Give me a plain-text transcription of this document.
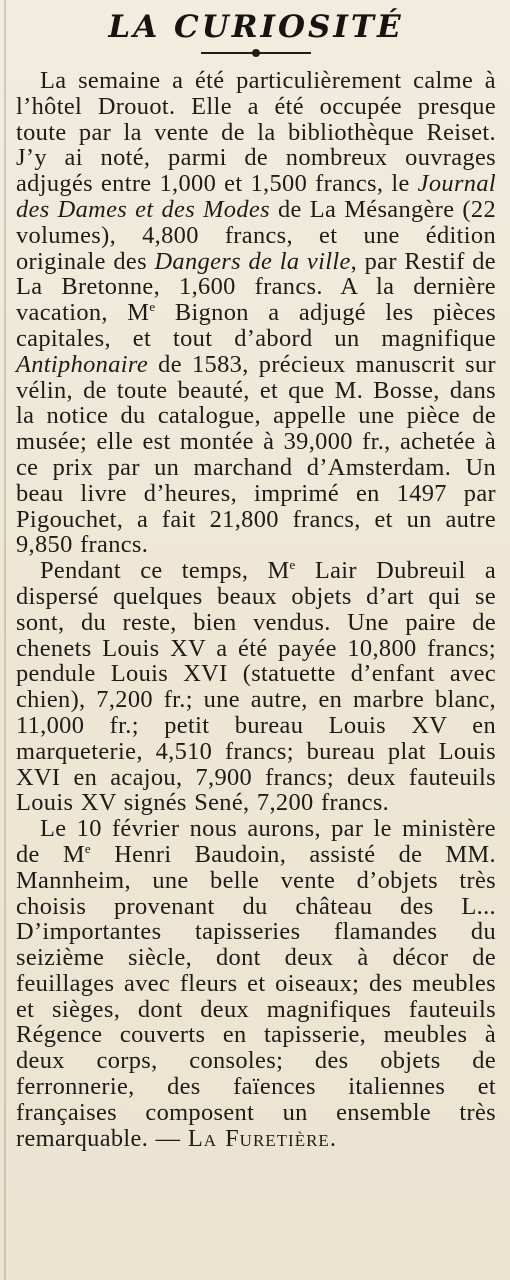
LA CURIOSITÉ

La semaine a été particulièrement calme à l’hôtel Drouot. Elle a été occupée presque toute par la vente de la bibliothèque Reiset. J’y ai noté, parmi de nombreux ouvrages adjugés entre 1,000 et 1,500 francs, le Journal des Dames et des Modes de La Mésangère (22 volumes), 4,800 francs, et une édition originale des Dangers de la ville, par Restif de La Bretonne, 1,600 francs. A la dernière vacation, Me Bignon a adjugé les pièces capitales, et tout d’abord un magnifique Antiphonaire de 1583, précieux manuscrit sur vélin, de toute beauté, et que M. Bosse, dans la notice du catalogue, appelle une pièce de musée; elle est montée à 39,000 fr., achetée à ce prix par un marchand d’Amsterdam. Un beau livre d’heures, imprimé en 1497 par Pigouchet, a fait 21,800 francs, et un autre 9,850 francs.

Pendant ce temps, Me Lair Dubreuil a dispersé quelques beaux objets d’art qui se sont, du reste, bien vendus. Une paire de chenets Louis XV a été payée 10,800 francs; pendule Louis XVI (statuette d’enfant avec chien), 7,200 fr.; une autre, en marbre blanc, 11,000 fr.; petit bureau Louis XV en marqueterie, 4,510 francs; bureau plat Louis XVI en acajou, 7,900 francs; deux fauteuils Louis XV signés Sené, 7,200 francs.

Le 10 février nous aurons, par le ministère de Me Henri Baudoin, assisté de MM. Mannheim, une belle vente d’objets très choisis provenant du château des L... D’importantes tapisseries flamandes du seizième siècle, dont deux à décor de feuillages avec fleurs et oiseaux; des meubles et sièges, dont deux magnifiques fauteuils Régence couverts en tapisserie, meubles à deux corps, consoles; des objets de ferronnerie, des faïences italiennes et françaises composent un ensemble très remarquable. — La Furetière.
